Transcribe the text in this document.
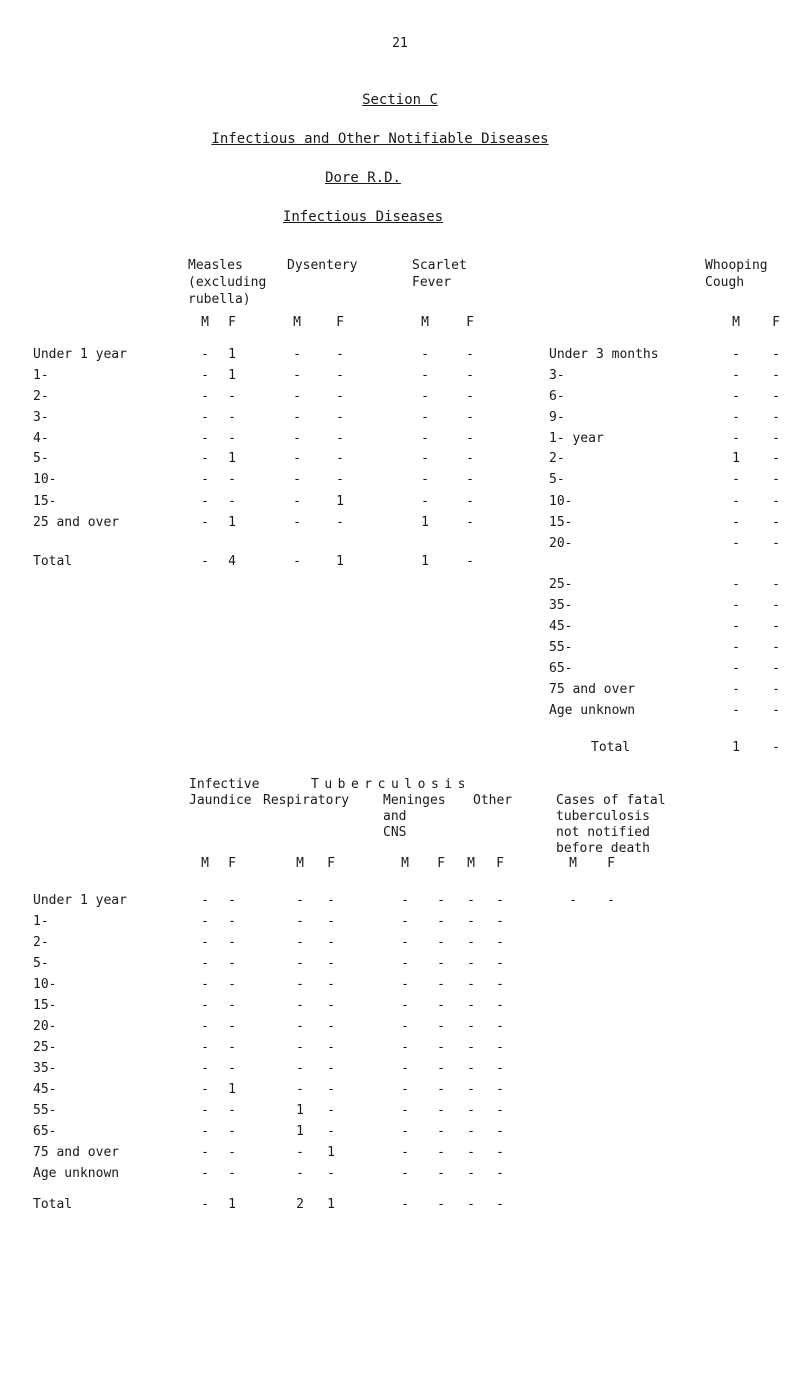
21
Section C
Infectious and Other Notifiable Diseases
Dore R.D.
Infectious Diseases
Measles
(excluding
rubella)
Dysentery	Scarlet
Fever
M F	M	F	M	F
Under 1 year	- 1	-	-	-	-
1-	- 1	-	-	-	-
2-	- -	-	-	-	-
3-	- -	-	-	-	-
4-	- -	-	-	-	-
5-	- 1	-	-	-	-
10-	- -	-	-	-	-
15-	- -	-	1	-	-
25 and over	- 1	-	-	1	-
Total	- 4	-	1	1	-
Whooping
Cough
M F
Under 3 months	- -
3-	- -
6-	- -
9-	- -
1- year	- -
2-	1 -
5-	- -
10-	- -
15-	- -
20-	- -
25-	- -
35-	- -
45-	- -
55-	- -
65-	- -
75 and over	- -
Age unknown	- -
Total	1 -
Infective
Jaundice
Tuberculosis
Respiratory	Meninges
and
CNS
Other	Cases of fatal
tuberculosis
not notified
before death
M F	M F	M F M F	M F
Under 1 year	- -	- -	- - - -	- -
1-	- -	- -	- - - -
2-	- -	- -	- - - -
5-	- -	- -	- - - -
10-	- -	- -	- - - -
15-	- -	- -	- - - -
20-	- -	- -	- - - -
25-	- -	- -	- - - -
35-	- -	- -	- - - -
45-	- 1	- -	- - - -
55-	- -	1 -	- - - -
65-	- -	1 -	- - - -
75 and over	- -	- 1	- - - -
Age unknown	- -	- -	- - - -
Total	- 1	2 1	- - - -
